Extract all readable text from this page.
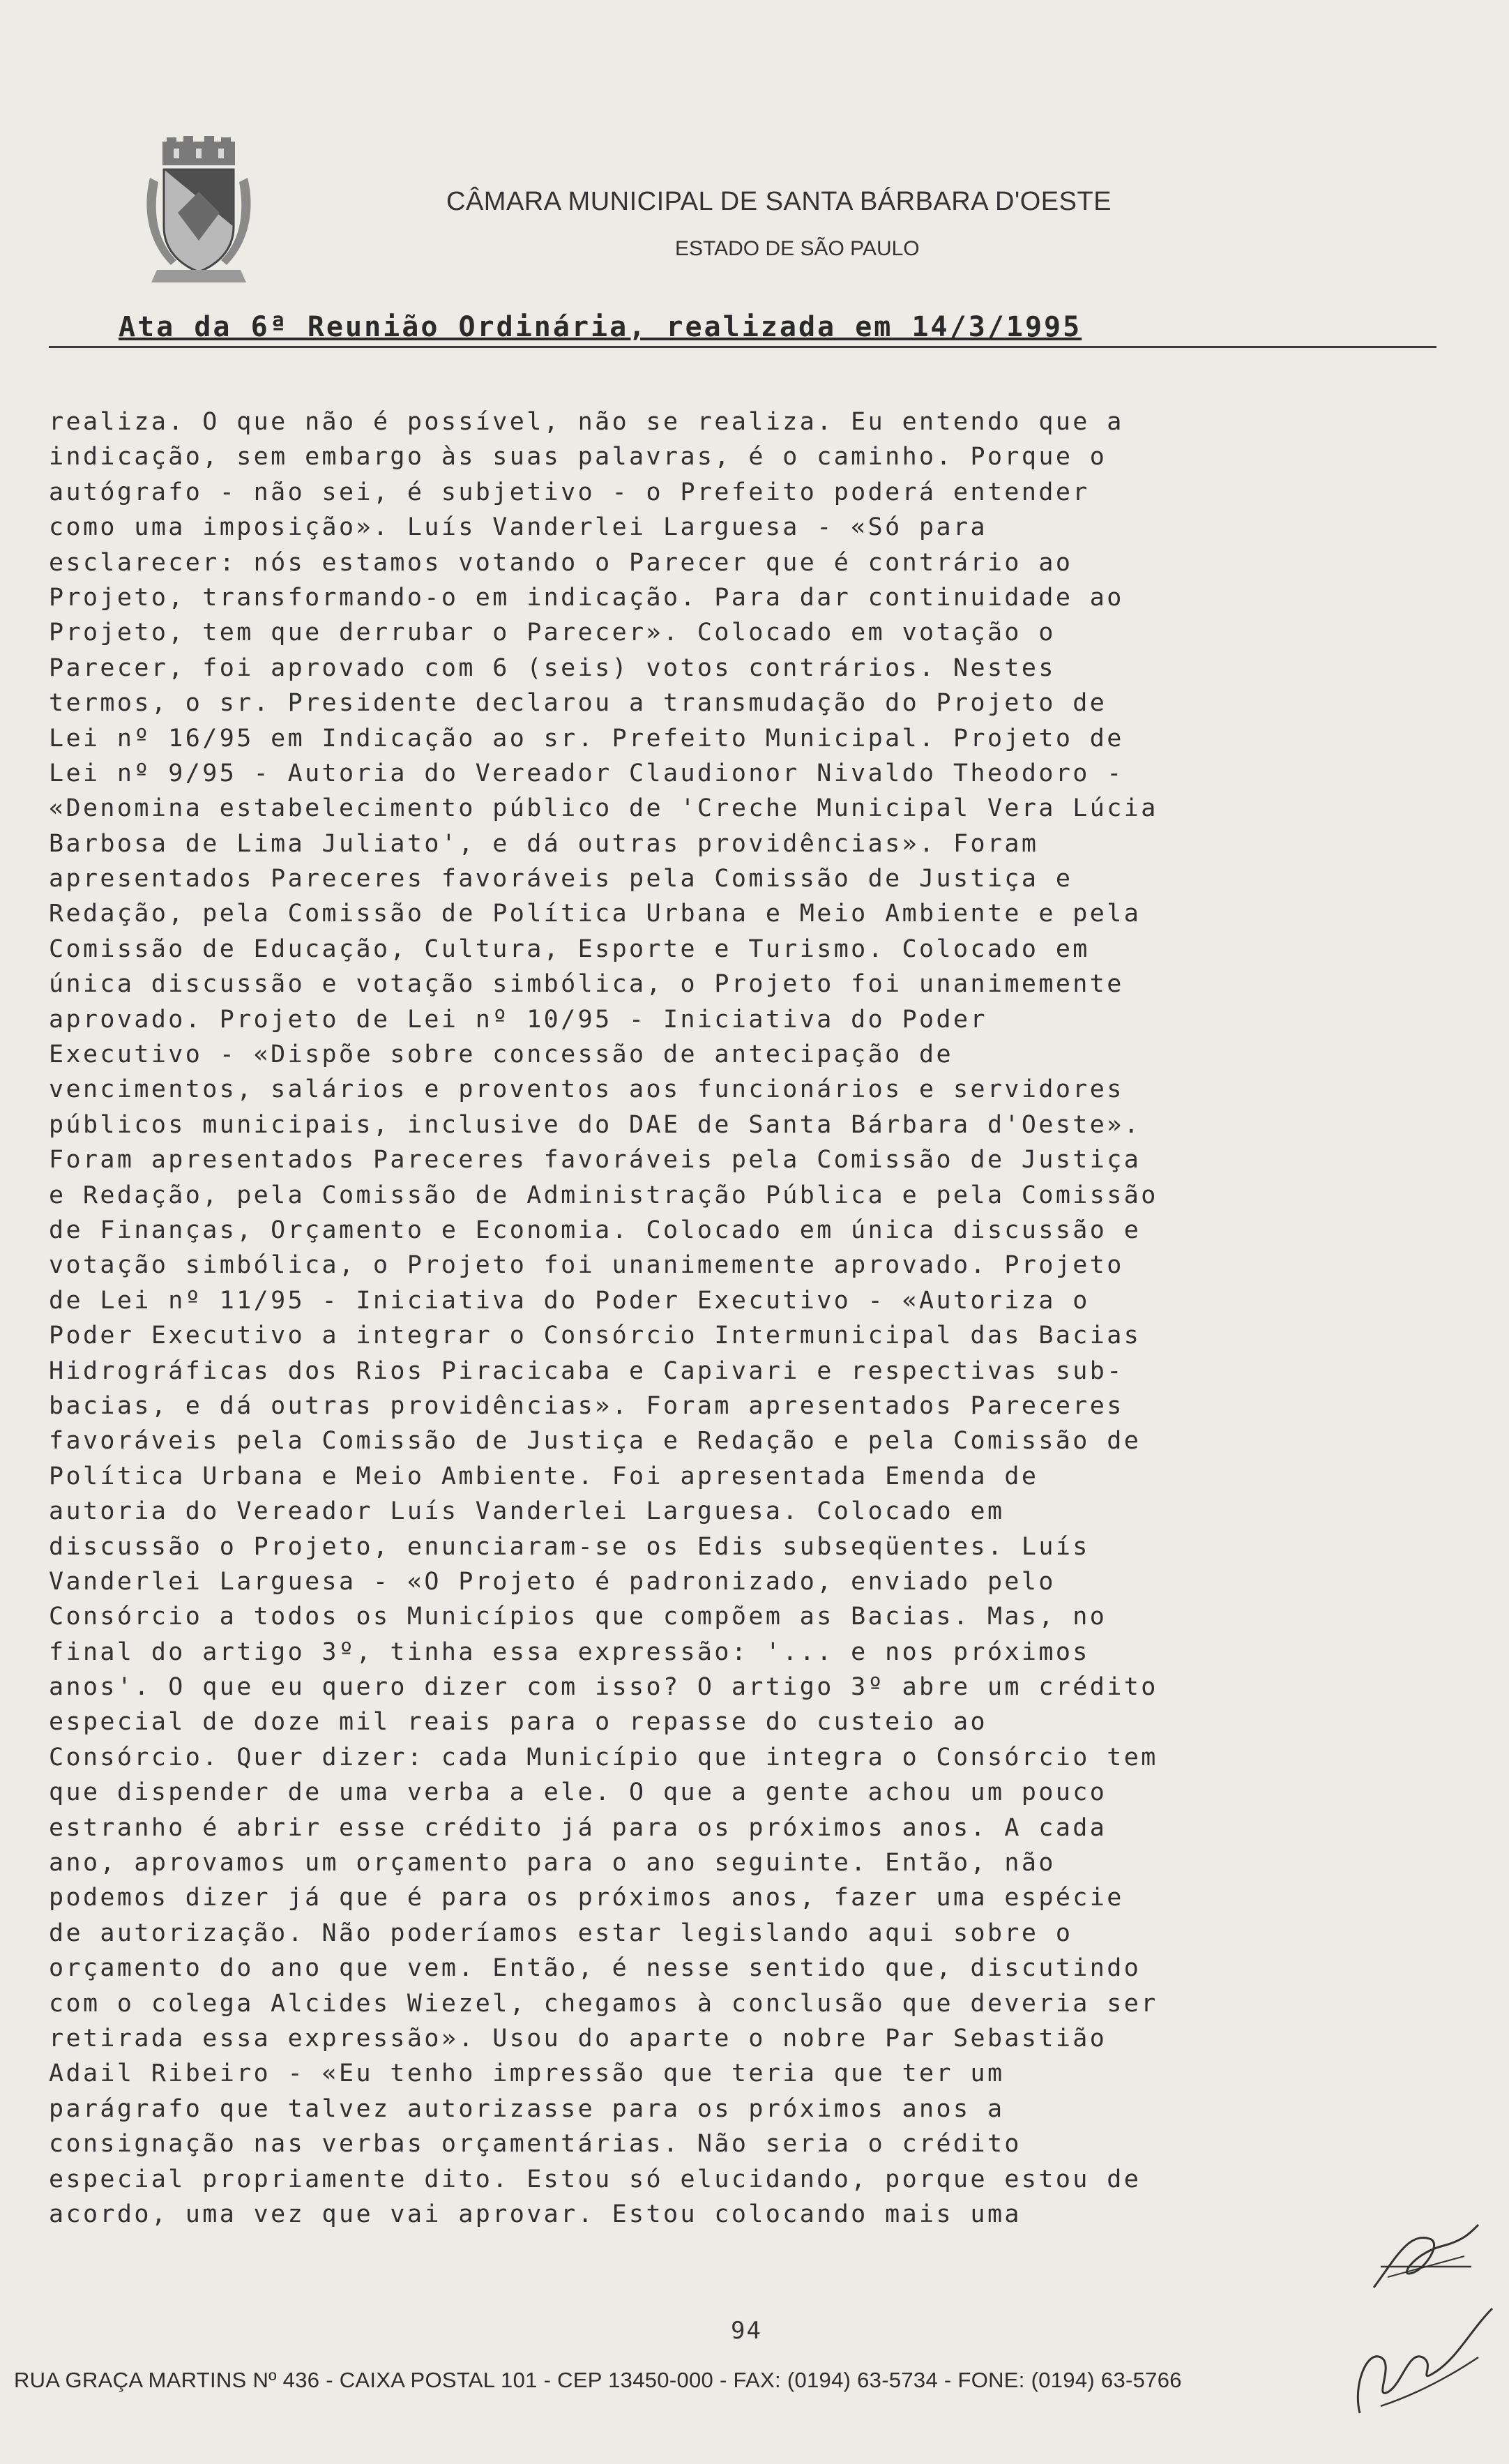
CÂMARA MUNICIPAL DE SANTA BÁRBARA D'OESTE
ESTADO DE SÃO PAULO
Ata da 6ª Reunião Ordinária, realizada em 14/3/1995
realiza. O que não é possível, não se realiza. Eu entendo que a
indicação, sem embargo às suas palavras, é o caminho. Porque o
autógrafo - não sei, é subjetivo - o Prefeito poderá entender
como uma imposição». Luís Vanderlei Larguesa - «Só para
esclarecer: nós estamos votando o Parecer que é contrário ao
Projeto, transformando-o em indicação. Para dar continuidade ao
Projeto, tem que derrubar o Parecer». Colocado em votação o
Parecer, foi aprovado com 6 (seis) votos contrários. Nestes
termos, o sr. Presidente declarou a transmudação do Projeto de
Lei nº 16/95 em Indicação ao sr. Prefeito Municipal. Projeto de
Lei nº 9/95 - Autoria do Vereador Claudionor Nivaldo Theodoro -
«Denomina estabelecimento público de 'Creche Municipal Vera Lúcia
Barbosa de Lima Juliato', e dá outras providências». Foram
apresentados Pareceres favoráveis pela Comissão de Justiça e
Redação, pela Comissão de Política Urbana e Meio Ambiente e pela
Comissão de Educação, Cultura, Esporte e Turismo. Colocado em
única discussão e votação simbólica, o Projeto foi unanimemente
aprovado. Projeto de Lei nº 10/95 - Iniciativa do Poder
Executivo - «Dispõe sobre concessão de antecipação de
vencimentos, salários e proventos aos funcionários e servidores
públicos municipais, inclusive do DAE de Santa Bárbara d'Oeste».
Foram apresentados Pareceres favoráveis pela Comissão de Justiça
e Redação, pela Comissão de Administração Pública e pela Comissão
de Finanças, Orçamento e Economia. Colocado em única discussão e
votação simbólica, o Projeto foi unanimemente aprovado. Projeto
de Lei nº 11/95 - Iniciativa do Poder Executivo - «Autoriza o
Poder Executivo a integrar o Consórcio Intermunicipal das Bacias
Hidrográficas dos Rios Piracicaba e Capivari e respectivas sub-
bacias, e dá outras providências». Foram apresentados Pareceres
favoráveis pela Comissão de Justiça e Redação e pela Comissão de
Política Urbana e Meio Ambiente. Foi apresentada Emenda de
autoria do Vereador Luís Vanderlei Larguesa. Colocado em
discussão o Projeto, enunciaram-se os Edis subseqüentes. Luís
Vanderlei Larguesa - «O Projeto é padronizado, enviado pelo
Consórcio a todos os Municípios que compõem as Bacias. Mas, no
final do artigo 3º, tinha essa expressão: '... e nos próximos
anos'. O que eu quero dizer com isso? O artigo 3º abre um crédito
especial de doze mil reais para o repasse do custeio ao
Consórcio. Quer dizer: cada Município que integra o Consórcio tem
que dispender de uma verba a ele. O que a gente achou um pouco
estranho é abrir esse crédito já para os próximos anos. A cada
ano, aprovamos um orçamento para o ano seguinte. Então, não
podemos dizer já que é para os próximos anos, fazer uma espécie
de autorização. Não poderíamos estar legislando aqui sobre o
orçamento do ano que vem. Então, é nesse sentido que, discutindo
com o colega Alcides Wiezel, chegamos à conclusão que deveria ser
retirada essa expressão». Usou do aparte o nobre Par Sebastião
Adail Ribeiro - «Eu tenho impressão que teria que ter um
parágrafo que talvez autorizasse para os próximos anos a
consignação nas verbas orçamentárias. Não seria o crédito
especial propriamente dito. Estou só elucidando, porque estou de
acordo, uma vez que vai aprovar. Estou colocando mais uma
94
RUA GRAÇA MARTINS Nº 436 - CAIXA POSTAL 101 - CEP 13450-000 - FAX: (0194) 63-5734 - FONE: (0194) 63-5766
